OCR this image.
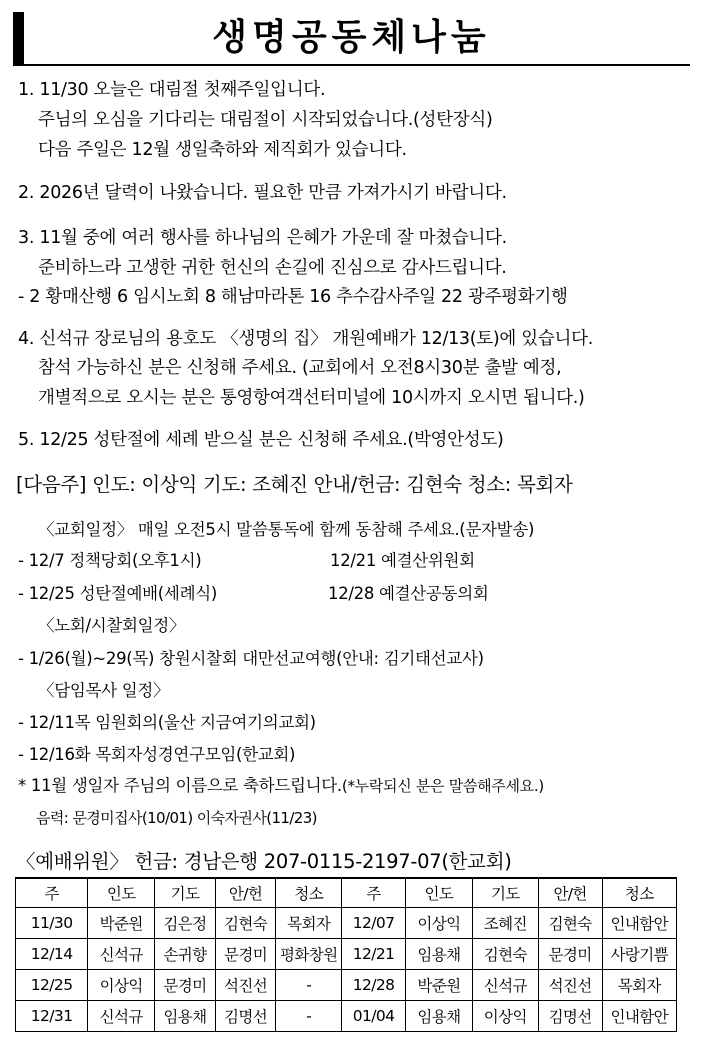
생명공동체나눔
1. 11/30 오늘은 대림절 첫째주일입니다.
주님의 오심을 기다리는 대림절이 시작되었습니다.(성탄장식)
다음 주일은 12월 생일축하와 제직회가 있습니다.
2. 2026년 달력이 나왔습니다. 필요한 만큼 가져가시기 바랍니다.
3. 11월 중에 여러 행사를 하나님의 은혜가 가운데 잘 마쳤습니다.
준비하느라 고생한 귀한 헌신의 손길에 진심으로 감사드립니다.
- 2 황매산행 6 임시노회 8 해남마라톤 16 추수감사주일 22 광주평화기행
4. 신석규 장로님의 용호도 〈생명의 집〉 개원예배가 12/13(토)에 있습니다.
참석 가능하신 분은 신청해 주세요. (교회에서 오전8시30분 출발 예정,
개별적으로 오시는 분은 통영항여객선터미널에 10시까지 오시면 됩니다.)
5. 12/25 성탄절에 세례 받으실 분은 신청해 주세요.(박영안성도)
[다음주] 인도: 이상익 기도: 조혜진 안내/헌금: 김현숙 청소: 목회자
〈교회일정〉 매일 오전5시 말씀통독에 함께 동참해 주세요.(문자발송)
- 12/7 정책당회(오후1시)	12/21 예결산위원회
- 12/25 성탄절예배(세례식)	12/28 예결산공동의회
〈노회/시찰회일정〉
- 1/26(월)~29(목) 창원시찰회 대만선교여행(안내: 김기태선교사)
〈담임목사 일정〉
- 12/11목 임원회의(울산 지금여기의교회)
- 12/16화 목회자성경연구모임(한교회)
* 11월 생일자 주님의 이름으로 축하드립니다.(*누락되신 분은 말씀해주세요.)
음력: 문경미집사(10/01) 이숙자권사(11/23)
〈예배위원〉 헌금: 경남은행 207-0115-2197-07(한교회)
주	인도	기도	안/헌	청소	주	인도	기도	안/헌	청소
11/30	박준원	김은정	김현숙	목회자	12/07	이상익	조혜진	김현숙	인내함안
12/14	신석규	손귀향	문경미	평화창원	12/21	임용채	김현숙	문경미	사랑기쁨
12/25	이상익	문경미	석진선	-	12/28	박준원	신석규	석진선	목회자
12/31	신석규	임용채	김명선	-	01/04	임용채	이상익	김명선	인내함안
